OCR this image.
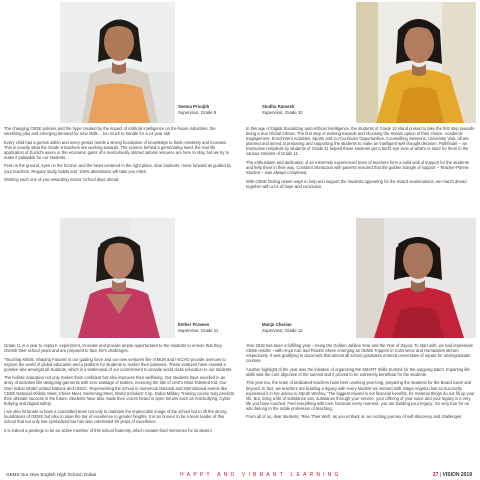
Seema Proojith
Supervisor, Grade 9
Sindhu Ramesh
Supervisor, Grade 10

The changing CBSE policies and the hype created by the impact of Artificial intelligence on the future industries, the vanishing jobs and emerging demand for new skills… too much to handle for a 14 year old!

Every child has a genius within and every genius needs a strong foundation of knowledge to think creatively and innovate. This is exactly what the Grade 9 teachers are working towards. The science behind a germinating seed, the real life application of Euclid's axiom or the economic gains of a meticulously utilized natural resource are here to stay, but we try to make it palatable for our students.

Feet on the ground, eyes on the horizon and the heart centered in the right place, dear students, move forward as guided by your teachers. Regular study habits and '100% attendance will take you miles.

Wishing each one of you rewarding Senior School days ahead.

In this age of Digital Socializing and Artificial Intelligence, the students of Grade 10 stand poised to take the first step towards being a true Global Citizen. The first step of working towards and choosing the stream option of their choice. Academic Engagement, Enrichment Activities, Sports and Co-Curricular Opportunities, Counselling Sessions, University Visit, all are planned and aimed at preparing and supporting the students to make an intelligent well thought decision. Pathfinder – an Interactive Helpdesk by students of Grade 11 helped these students get a bird's eye view of what's in store for them in the various streams of Grade 11.

The enthusiasm and dedication of an extremely experienced team of teachers form a solid wall of support for the students and help them in their way. Constant interaction with parents ensured that the golden triangle of support – Teacher-Parent-Student – was always completed.

With CBSE finding newer ways to help and support the students appearing for the Board examinations, we march ahead together with a lot of hope and conviction.

Esther Praveen
Supervisor, Grade 11
Manju Cherian
Supervisor, Grade 12

Grade 11 is a year to explore, experiment, innovate and provide ample opportunities to the students to ensure that they cherish their school years and are prepared to face life's challenges.

'Touching Minds, Shaping Futures' is our guiding force and our new ventures like VIMUN and I-ECHO provide avenues to explore the world of global education and a platform for students to realize their passions. These ventures have created a positive vibe amongst all students, which is a testimonial of our commitment to provide world class education to our students.

The holistic education not only makes them confident but also improves their wellbeing. Our students have excelled in an array of activities like designing garments with zero wastage of textiles, receiving the title of UAE's Most Talented Kid, Our Own Indian Model United Nations and UNOC. Representing the school in numerous National and International events like CBSE National Athletic Meet, Chess Meet, Swimming Meet, World Scholars' Cup, Dubai Military Training course truly predicts their ultimate success in the future. Students have also made their voices heard in open forums such as Anti-bullying, Cyber bullying and Digital safety.

I am also fortunate to have a committed team not only to maintain the impeccable image of the school but to lift the strong foundations of GEMS but also to raise the bar of excellence to greater heights. It is an honour to be a team leader of this school that not only has symbolized but has also celebrated 50 years of excellence.

It is indeed a privilege to be an active member of this school fraternity, which creates fond memories for its alumni.

Year 2018 has been a fulfilling year – being the Golden Jubilee Year and the Year of Zayed. To start with, we had impressive CBSE results – with Anya Kari and Paruthi Shree emerging as GEMS Toppers in Commerce and Humanities stream respectively. It was gratifying to document that almost all school graduates entered universities of repute for undergraduate courses.

Another highlight of the year was the initiative of organizing the SMART Skills Summit for the outgoing batch. Imparting life skills was the core objective of the summit and it proved to be extremely beneficial for the students.

This year too, the team of dedicated teachers have been working year long, preparing the students for the Board exam and beyond. In fact, we teachers are building a legacy with every student we interact with. Maya Angelou has so succinctly expressed it in her advice to Oprah Winfrey, 'The biggest reward is not financial benefits, for material things do not fill up your life. But, living a life of substance can, substance through your service, your offering of your voice and your legacy is a very life you have touched. Feel everything with love, because every moment, you are building your legacy.' So very true for us who belong to the noble profession of teaching.

From all of us, dear students, 'Rise Thee Well', as you embark on an exciting journey of self-discovery and challenges.

GEMS Our Own English High School, Dubai	HAPPY AND VIBRANT LEARNING	27 | VISION 2019
